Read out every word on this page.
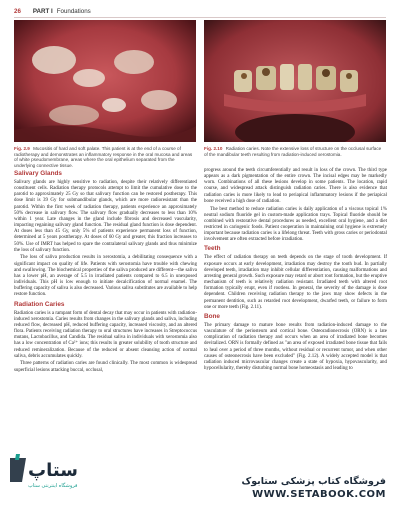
26 PART I Foundations
Fig. 2.9 Mucositis of hard and soft palate. This patient is at the end of a course of radiotherapy and demonstrates an inflammatory response in the oral mucosa and areas of white pseudomembrane, areas where the oral epithelium separated from the underlying connective tissue.
Fig. 2.10 Radiation caries. Note the extensive loss of structure on the occlusal surface of the mandibular teeth resulting from radiation-induced xerostomia.
Salivary Glands

Salivary glands are highly sensitive to radiation, despite their relatively differentiated constituent cells. Radiation therapy protocols attempt to limit the cumulative dose to the parotid to approximately 25 Gy so that salivary function can be restored postherapy. This dose limit is 39 Gy for submandibular glands, which are more radioresistant than the parotid. Within the first week of radiation therapy, patients experience an approximately 50% decrease in salivary flow. The salivary flow gradually decreases to less than 10% within 1 year. Late changes in the gland include fibrosis and decreased vascularity, impacting regaining salivary gland function. The residual gland function is dose dependent. At doses less than 45 Gy, only 5% of patients experience permanent loss of function, determined at 5 years posttherapy. At doses of 60 Gy and greater, this fraction increases to 50%. Use of IMRT has helped to spare the contralateral salivary glands and thus minimize the loss of salivary function.

The loss of saliva production results in xerostomia, a debilitating consequence with a significant impact on quality of life. Patients with xerostomia have trouble with chewing and swallowing. The biochemical properties of the saliva produced are different—the saliva has a lower pH, an average of 5.5 in irradiated patients compared to 6.5 in unexposed individuals. This pH is low enough to initiate decalcification of normal enamel. The buffering capacity of saliva is also decreased. Various saliva substitutes are available to help restore function.

Radiation Caries

Radiation caries is a rampant form of dental decay that may occur in patients with radiation-induced xerostomia. Caries results from changes in the salivary glands and saliva, including reduced flow, decreased pH, reduced buffering capacity, increased viscosity, and an altered flora. Patients receiving radiation therapy to oral structures have increases in Streptococcus mutans, Lactobacillus, and Candida. The residual saliva in individuals with xerostomia also has a low concentration of Ca²⁺ ions; this results in greater solubility of tooth structure and reduced remineralization. Because of the reduced or absent cleansing action of normal saliva, debris accumulates quickly.

Three patterns of radiation caries are found clinically. The most common is widespread superficial lesions attacking buccal, occlusal,

progress around the teeth circumferentially and result in loss of the crown. The third type appears as a dark pigmentation of the entire crown. The incisal edges may be markedly worn. Combinations of all these lesions develop in some patients. The location, rapid course, and widespread attack distinguish radiation caries. There is also evidence that radiation caries is more likely to lead to periapical inflammatory lesions if the periapical bone received a high dose of radiation.

The best method to reduce radiation caries is daily application of a viscous topical 1% neutral sodium fluoride gel in custom-made application trays. Topical fluoride should be combined with restorative dental procedures as needed, excellent oral hygiene, and a diet restricted in cariogenic foods. Patient cooperation in maintaining oral hygiene is extremely important because radiation caries is a lifelong threat. Teeth with gross caries or periodontal involvement are often extracted before irradiation.

Teeth

The effect of radiation therapy on teeth depends on the stage of tooth development. If exposure occurs at early development, irradiation may destroy the tooth bud. In partially developed teeth, irradiation may inhibit cellular differentiation, causing malformations and arresting general growth. Such exposure may retard or abort root formation, but the eruptive mechanism of teeth is relatively radiation resistant. Irradiated teeth with altered root formation typically erupt, even if rootless. In general, the severity of the damage is dose dependent. Children receiving radiation therapy to the jaws may show defects in the permanent dentition, such as retarded root development, dwarfed teeth, or failure to form one or more teeth (Fig. 2.11).

Bone

The primary damage to mature bone results from radiation-induced damage to the vasculature of the periosteum and cortical bone. Osteoradionecrosis (ORN) is a late complication of radiation therapy and occurs when an area of irradiated bone becomes devitalized. ORN is formally defined as "an area of exposed irradiated bone tissue that fails to heal over a period of three months, without residual or recurrent tumor, and when other causes of osteonecrosis have been excluded" (Fig. 2.12). A widely accepted model is that radiation induced microvascular changes create a state of hypoxia, hypovascularity, and hypocellularity, thereby disturbing normal bone homeostasis and leading to

ستاپ
فروشگاه اینترنتی ستاپ	فروشگاه کتاب پزشکی ستابوک
WWW.SETABOOK.COM
